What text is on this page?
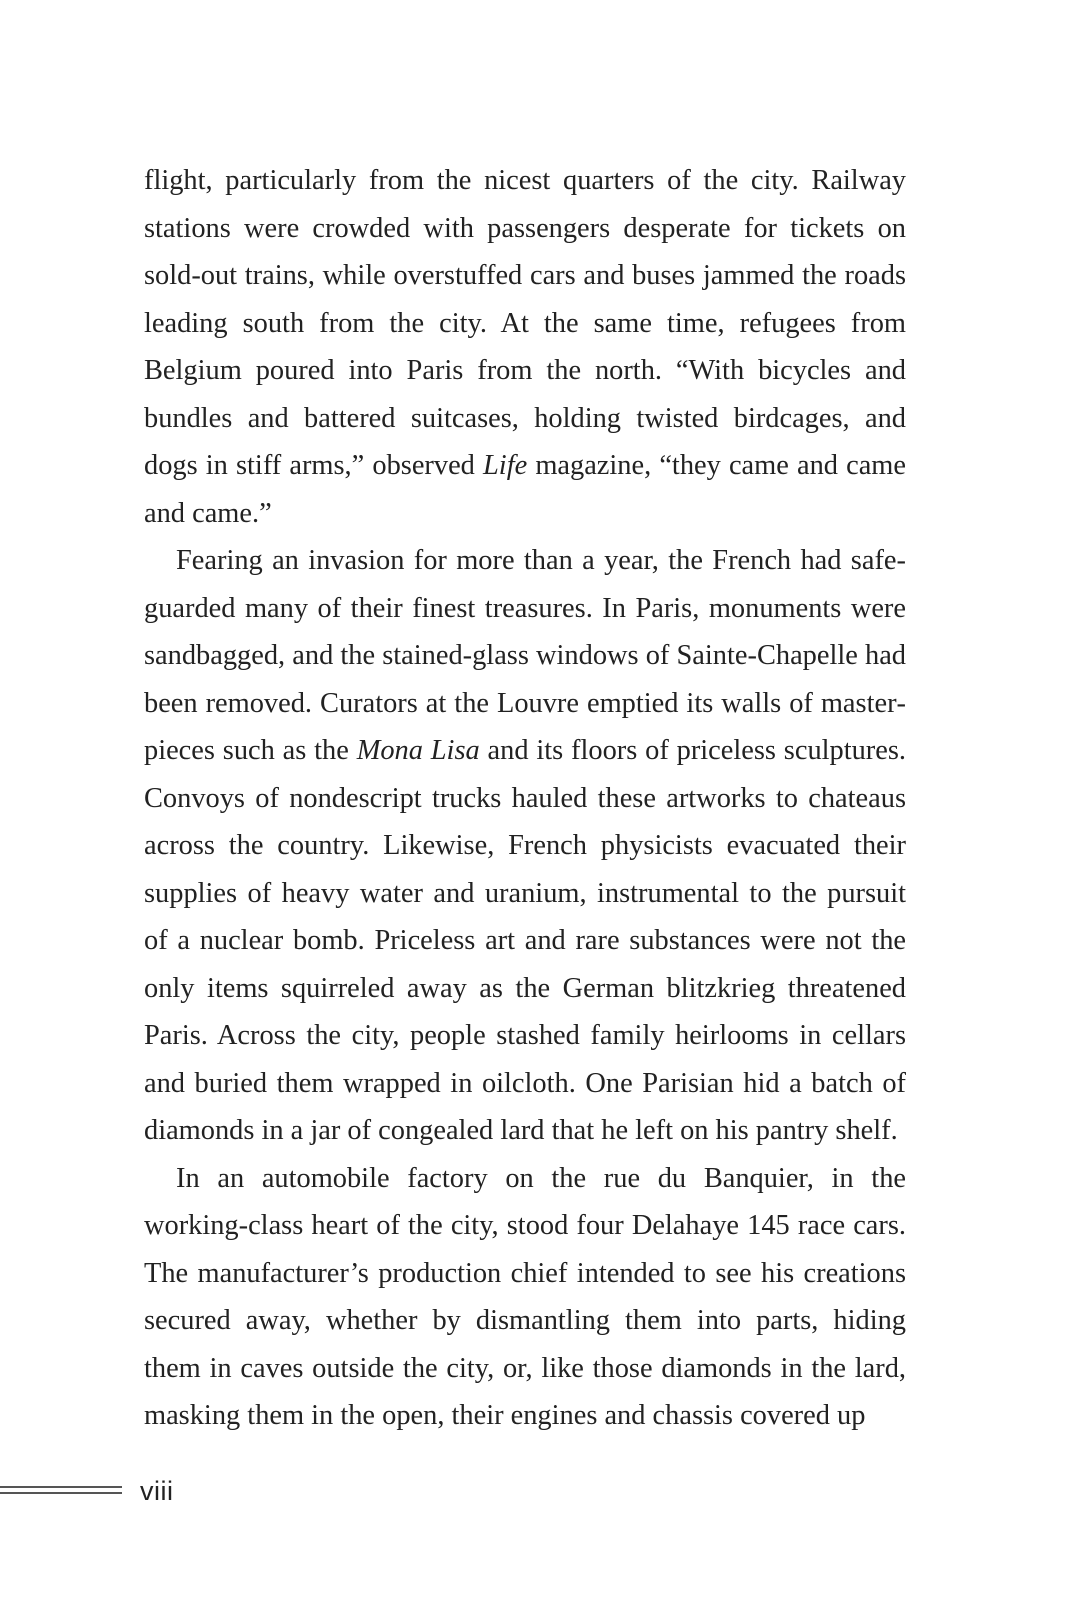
flight, particularly from the nicest quarters of the city. Railway stations were crowded with passengers desperate for tickets on sold-out trains, while overstuffed cars and buses jammed the roads leading south from the city. At the same time, refugees from Belgium poured into Paris from the north. “With bicycles and bundles and battered suitcases, holding twisted birdcages, and dogs in stiff arms,” observed Life magazine, “they came and came and came.”

Fearing an invasion for more than a year, the French had safeguarded many of their finest treasures. In Paris, monuments were sandbagged, and the stained-glass windows of Sainte-Chapelle had been removed. Curators at the Louvre emptied its walls of masterpieces such as the Mona Lisa and its floors of priceless sculptures. Convoys of nondescript trucks hauled these artworks to chateaus across the country. Likewise, French physicists evacuated their supplies of heavy water and uranium, instrumental to the pursuit of a nuclear bomb. Priceless art and rare substances were not the only items squirreled away as the German blitzkrieg threatened Paris. Across the city, people stashed family heirlooms in cellars and buried them wrapped in oilcloth. One Parisian hid a batch of diamonds in a jar of congealed lard that he left on his pantry shelf.

In an automobile factory on the rue du Banquier, in the working-class heart of the city, stood four Delahaye 145 race cars. The manufacturer’s production chief intended to see his creations secured away, whether by dismantling them into parts, hiding them in caves outside the city, or, like those diamonds in the lard, masking them in the open, their engines and chassis covered up

viii
